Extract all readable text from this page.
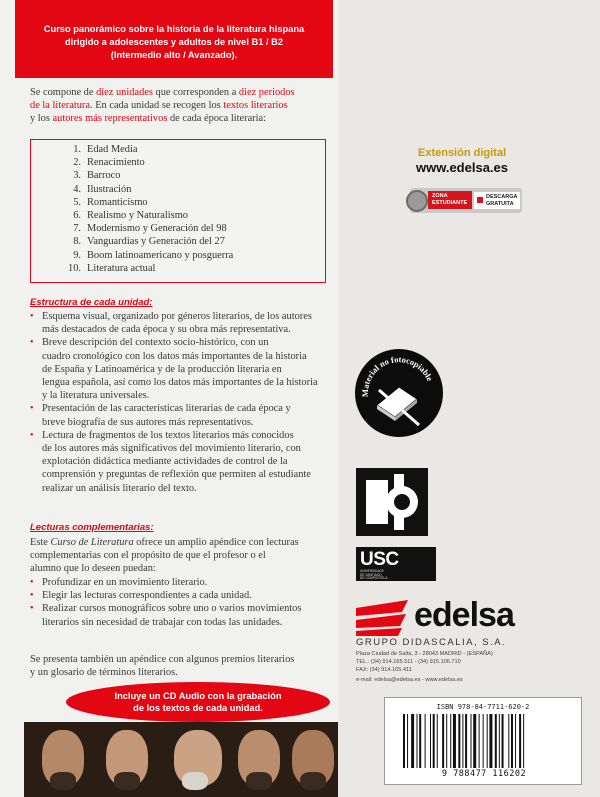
Curso panorámico sobre la historia de la literatura hispana
dirigido a adolescentes y adultos de nivel B1 / B2
(Intermedio alto / Avanzado).
Se compone de diez unidades que corresponden a diez periodos
de la literatura. En cada unidad se recogen los textos literarios
y los autores más representativos de cada época literaria:
1. Edad Media
2. Renacimiento
3. Barroco
4. Ilustración
5. Romanticismo
6. Realismo y Naturalismo
7. Modernismo y Generación del 98
8. Vanguardias y Generación del 27
9. Boom latinoamericano y posguerra
10. Literatura actual
Estructura de cada unidad:
• Esquema visual, organizado por géneros literarios, de los autores
más destacados de cada época y su obra más representativa.
• Breve descripción del contexto socio-histórico, con un
cuadro cronológico con los datos más importantes de la historia
de España y Latinoamérica y de la producción literaria en
lengua española, así como los datos más importantes de la historia
y la literatura universales.
• Presentación de las características literarias de cada época y
breve biografía de sus autores más representativos.
• Lectura de fragmentos de los textos literarios más conocidos
de los autores más significativos del movimiento literario, con
explotación didáctica mediante actividades de control de la
comprensión y preguntas de reflexión que permiten al estudiante
realizar un análisis literario del texto.
Lecturas complementarias:
Este Curso de Literatura ofrece un amplio apéndice con lecturas
complementarias con el propósito de que el profesor o el
alumno que lo deseen puedan:
• Profundizar en un movimiento literario.
• Elegir las lecturas correspondientes a cada unidad.
• Realizar cursos monográficos sobre uno o varios movimientos
literarios sin necesidad de trabajar con todas las unidades.
Se presenta también un apéndice con algunos premios literarios
y un glosario de términos literarios.
Incluye un CD Audio con la grabación
de los textos de cada unidad.
Extensión digital
www.edelsa.es
ZONA
ESTUDIANTE
DESCARGA
GRATUITA
Material no fotocopiable
USC
UNIVERSIDADE
DE SANTIAGO
DE COMPOSTELA
edelsa
GRUPO DIDASCALIA, S.A.
Plaza Ciudad de Salta, 3 - 28043 MADRID - (ESPAÑA)
TEL.: (34) 914.165.511 - (34) 915.106.710
FAX: (34) 914.165.411
e-mail: edelsa@edelsa.es - www.edelsa.es
ISBN 978-84-7711-620-2
9 788477 116202
